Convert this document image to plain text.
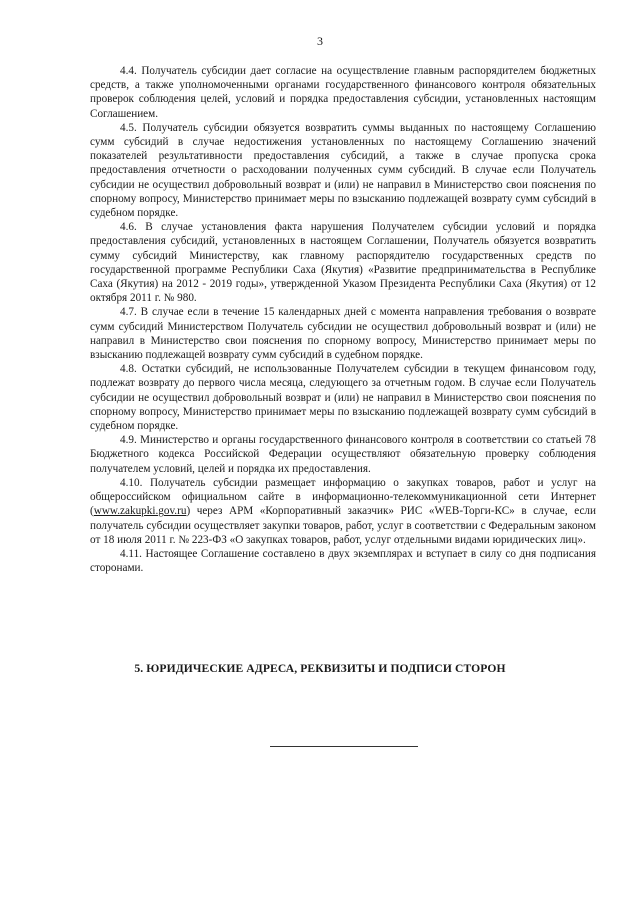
3

4.4. Получатель субсидии дает согласие на осуществление главным распорядителем бюджетных средств, а также уполномоченными органами государственного финансового контроля обязательных проверок соблюдения целей, условий и порядка предоставления субсидии, установленных настоящим Соглашением.

4.5. Получатель субсидии обязуется возвратить суммы выданных по настоящему Соглашению сумм субсидий в случае недостижения установленных по настоящему Соглашению значений показателей результативности предоставления субсидий, а также в случае пропуска срока предоставления отчетности о расходовании полученных сумм субсидий. В случае если Получатель субсидии не осуществил добровольный возврат и (или) не направил в Министерство свои пояснения по спорному вопросу, Министерство принимает меры по взысканию подлежащей возврату сумм субсидий в судебном порядке.

4.6. В случае установления факта нарушения Получателем субсидии условий и порядка предоставления субсидий, установленных в настоящем Соглашении, Получатель обязуется возвратить сумму субсидий Министерству, как главному распорядителю государственных средств по государственной программе Республики Саха (Якутия) «Развитие предпринимательства в Республике Саха (Якутия) на 2012 - 2019 годы», утвержденной Указом Президента Республики Саха (Якутия) от 12 октября 2011 г. № 980.

4.7. В случае если в течение 15 календарных дней с момента направления требования о возврате сумм субсидий Министерством Получатель субсидии не осуществил добровольный возврат и (или) не направил в Министерство свои пояснения по спорному вопросу, Министерство принимает меры по взысканию подлежащей возврату сумм субсидий в судебном порядке.

4.8. Остатки субсидий, не использованные Получателем субсидии в текущем финансовом году, подлежат возврату до первого числа месяца, следующего за отчетным годом. В случае если Получатель субсидии не осуществил добровольный возврат и (или) не направил в Министерство свои пояснения по спорному вопросу, Министерство принимает меры по взысканию подлежащей возврату сумм субсидий в судебном порядке.

4.9. Министерство и органы государственного финансового контроля в соответствии со статьей 78 Бюджетного кодекса Российской Федерации осуществляют обязательную проверку соблюдения получателем условий, целей и порядка их предоставления.

4.10. Получатель субсидии размещает информацию о закупках товаров, работ и услуг на общероссийском официальном сайте в информационно-телекоммуникационной сети Интернет (www.zakupki.gov.ru) через АРМ «Корпоративный заказчик» РИС «WEB-Торги-КС» в случае, если получатель субсидии осуществляет закупки товаров, работ, услуг в соответствии с Федеральным законом от 18 июля 2011 г. № 223-ФЗ «О закупках товаров, работ, услуг отдельными видами юридических лиц».

4.11. Настоящее Соглашение составлено в двух экземплярах и вступает в силу со дня подписания сторонами.

5. ЮРИДИЧЕСКИЕ АДРЕСА, РЕКВИЗИТЫ И ПОДПИСИ СТОРОН
